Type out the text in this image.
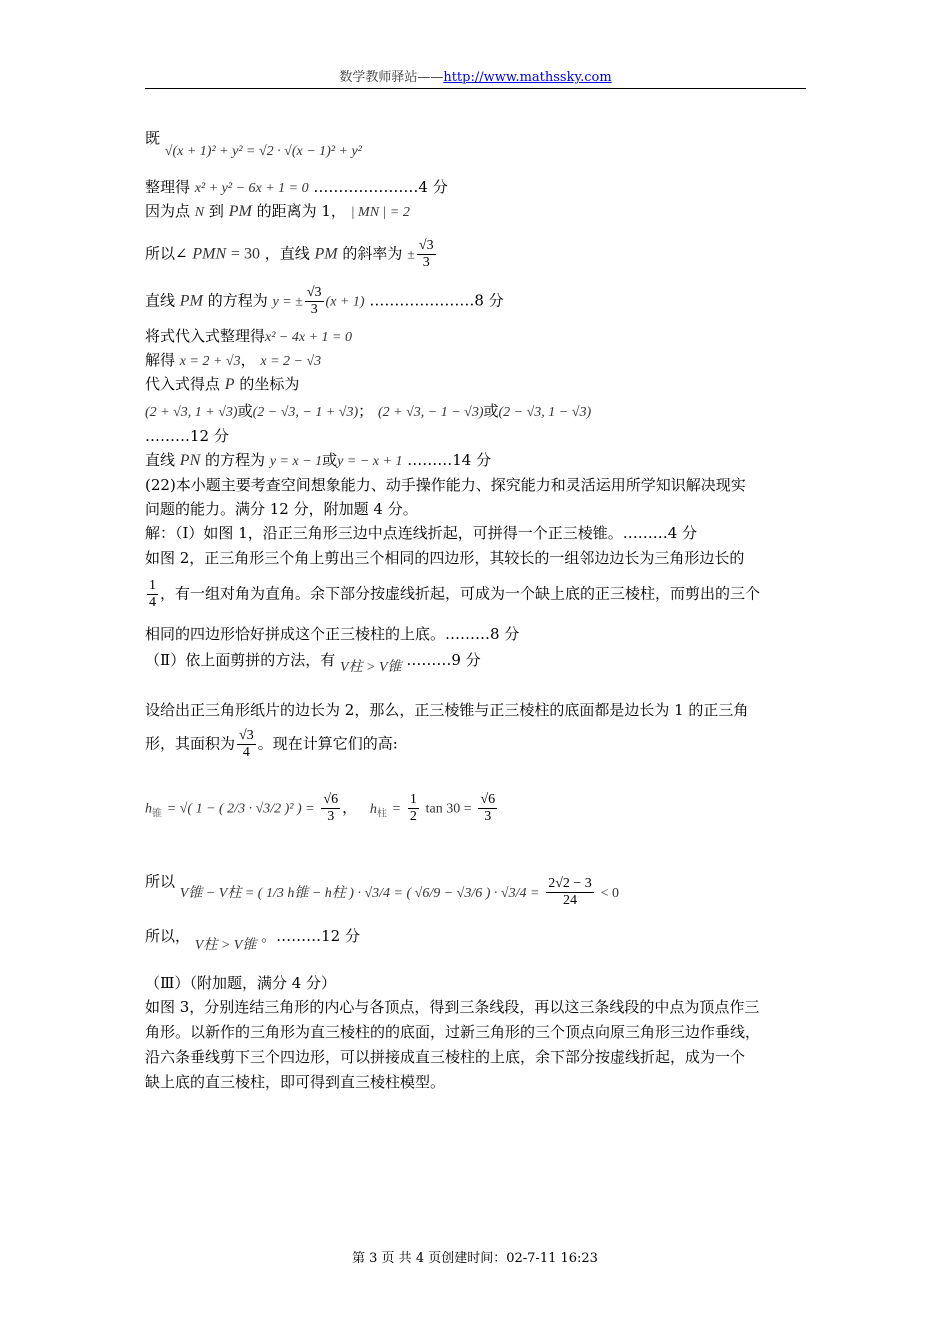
数学教师驿站——http://www.mathssky.com
既 √(x + 1)² + y² = √2 · √(x − 1)² + y²
整理得 x² + y² − 6x + 1 = 0 …………………4 分
因为点 N 到 PM 的距离为 1， | MN | = 2
所以∠ PMN = 30 ，直线 PM 的斜率为 ± $\frac{√3}{3}$
直线 PM 的方程为 y = ± $\frac{√3}{3} (x + 1)$ …………………8 分
将式代入式整理得x² − 4x + 1 = 0
解得 x = 2 + √3， x = 2 − √3
代入式得点 P 的坐标为
(2 + √3, 1 + √3)或(2 − √3, − 1 + √3)； (2 + √3, − 1 − √3)或(2 − √3, 1 − √3)
………12 分
直线 PN 的方程为 y = x − 1或y = − x + 1 ………14 分
(22)本小题主要考查空间想象能力、动手操作能力、探究能力和灵活运用所学知识解决现实
问题的能力。满分 12 分，附加题 4 分。
解：（Ⅰ）如图 1，沿正三角形三边中点连线折起，可拼得一个正三棱锥。………4 分
如图 2，正三角形三个角上剪出三个相同的四边形，其较长的一组邻边边长为三角形边长的
$\frac{1}{4}$ ，有一组对角为直角。余下部分按虚线折起，可成为一个缺上底的正三棱柱，而剪出的三个
相同的四边形恰好拼成这个正三棱柱的上底。………8 分
（Ⅱ）依上面剪拼的方法，有 V柱 > V锥 ………9 分
设给出正三角形纸片的边长为 2，那么，正三棱锥与正三棱柱的底面都是边长为 1 的正三角
形，其面积为 $\frac{√3}{4}$ 。现在计算它们的高:
$h_锥$ = √( 1 − ( 2/3 · √3/2 )² ) = $\frac{√6}{3}$ ， $h_柱 = \frac{1}{2}$ $\tan 30 = \frac{√6}{3}$
所以 V锥 − V柱 = ( 1/3 h锥 − h柱 ) · √3/4 = ( √6/9 − √3/6 ) · $√3/4 = \frac{2√2 - 3}{24} < 0$
所以， V柱 > V锥 。………12 分
（Ⅲ）（附加题，满分 4 分）
如图 3，分别连结三角形的内心与各顶点，得到三条线段，再以这三条线段的中点为顶点作三
角形。以新作的三角形为直三棱柱的的底面，过新三角形的三个顶点向原三角形三边作垂线，
沿六条垂线剪下三个四边形，可以拼接成直三棱柱的上底，余下部分按虚线折起，成为一个
缺上底的直三棱柱，即可得到直三棱柱模型。
第 3 页 共 4 页创建时间：02-7-11 16:23
